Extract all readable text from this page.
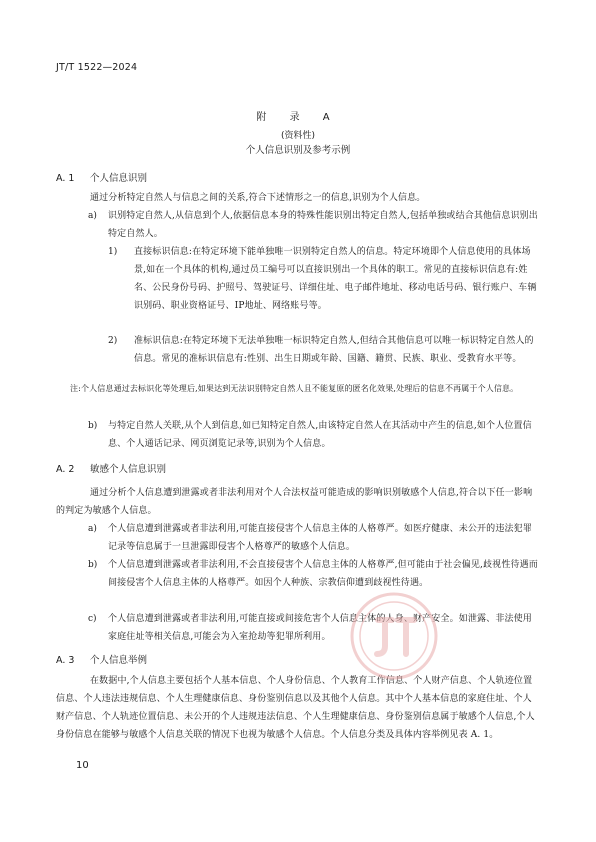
JT/T 1522—2024
附 录 A
(资料性)
个人信息识别及参考示例
A. 1 个人信息识别
通过分析特定自然人与信息之间的关系,符合下述情形之一的信息,识别为个人信息。
a) 识别特定自然人,从信息到个人,依据信息本身的特殊性能识别出特定自然人,包括单独或结合其他信息识别出特定自然人。
1) 直接标识信息:在特定环境下能单独唯一识别特定自然人的信息。特定环境即个人信息使用的具体场景,如在一个具体的机构,通过员工编号可以直接识别出一个具体的职工。常见的直接标识信息有:姓名、公民身份号码、护照号、驾驶证号、详细住址、电子邮件地址、移动电话号码、银行账户、车辆识别码、职业资格证号、IP地址、网络账号等。
2) 准标识信息:在特定环境下无法单独唯一标识特定自然人,但结合其他信息可以唯一标识特定自然人的信息。常见的准标识信息有:性别、出生日期或年龄、国籍、籍贯、民族、职业、受教育水平等。
注:个人信息通过去标识化等处理后,如果达到无法识别特定自然人且不能复原的匿名化效果,处理后的信息不再属于个人信息。
b) 与特定自然人关联,从个人到信息,如已知特定自然人,由该特定自然人在其活动中产生的信息,如个人位置信息、个人通话记录、网页浏览记录等,识别为个人信息。
A. 2 敏感个人信息识别
通过分析个人信息遭到泄露或者非法利用对个人合法权益可能造成的影响识别敏感个人信息,符合以下任一影响的判定为敏感个人信息。
a) 个人信息遭到泄露或者非法利用,可能直接侵害个人信息主体的人格尊严。如医疗健康、未公开的违法犯罪记录等信息属于一旦泄露即侵害个人格尊严的敏感个人信息。
b) 个人信息遭到泄露或者非法利用,不会直接侵害个人信息主体的人格尊严,但可能由于社会偏见,歧视性待遇而间接侵害个人信息主体的人格尊严。如因个人种族、宗教信仰遭到歧视性待遇。
c) 个人信息遭到泄露或者非法利用,可能直接或间接危害个人信息主体的人身、财产安全。如泄露、非法使用家庭住址等相关信息,可能会为入室抢劫等犯罪所利用。
A. 3 个人信息举例
在数据中,个人信息主要包括个人基本信息、个人身份信息、个人教育工作信息、个人财产信息、个人轨迹位置信息、个人违法违规信息、个人生理健康信息、身份鉴别信息以及其他个人信息。其中个人基本信息的家庭住址、个人财产信息、个人轨迹位置信息、未公开的个人违规违法信息、个人生理健康信息、身份鉴别信息属于敏感个人信息,个人身份信息在能够与敏感个人信息关联的情况下也视为敏感个人信息。个人信息分类及具体内容举例见表 A. 1。
10
